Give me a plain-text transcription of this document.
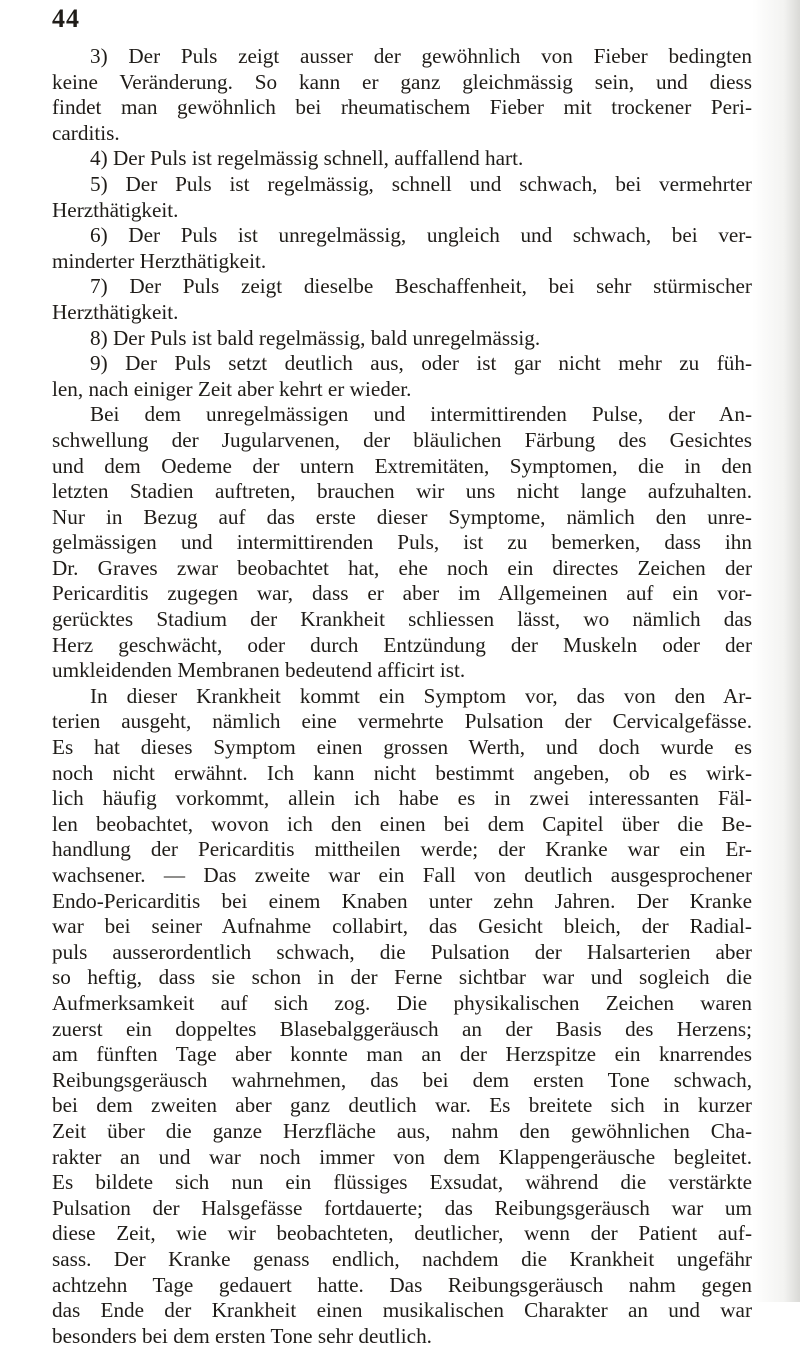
44

3) Der Puls zeigt ausser der gewöhnlich von Fieber bedingten
keine Veränderung. So kann er ganz gleichmässig sein, und diess
findet man gewöhnlich bei rheumatischem Fieber mit trockener Peri-
carditis.

4) Der Puls ist regelmässig schnell, auffallend hart.

5) Der Puls ist regelmässig, schnell und schwach, bei vermehrter
Herzthätigkeit.

6) Der Puls ist unregelmässig, ungleich und schwach, bei ver-
minderter Herzthätigkeit.

7) Der Puls zeigt dieselbe Beschaffenheit, bei sehr stürmischer
Herzthätigkeit.

8) Der Puls ist bald regelmässig, bald unregelmässig.

9) Der Puls setzt deutlich aus, oder ist gar nicht mehr zu füh-
len, nach einiger Zeit aber kehrt er wieder.

Bei dem unregelmässigen und intermittirenden Pulse, der An-
schwellung der Jugularvenen, der bläulichen Färbung des Gesichtes
und dem Oedeme der untern Extremitäten, Symptomen, die in den
letzten Stadien auftreten, brauchen wir uns nicht lange aufzuhalten.
Nur in Bezug auf das erste dieser Symptome, nämlich den unre-
gelmässigen und intermittirenden Puls, ist zu bemerken, dass ihn
Dr. Graves zwar beobachtet hat, ehe noch ein directes Zeichen der
Pericarditis zugegen war, dass er aber im Allgemeinen auf ein vor-
gerücktes Stadium der Krankheit schliessen lässt, wo nämlich das
Herz geschwächt, oder durch Entzündung der Muskeln oder der
umkleidenden Membranen bedeutend afficirt ist.

In dieser Krankheit kommt ein Symptom vor, das von den Ar-
terien ausgeht, nämlich eine vermehrte Pulsation der Cervicalgefässe.
Es hat dieses Symptom einen grossen Werth, und doch wurde es
noch nicht erwähnt. Ich kann nicht bestimmt angeben, ob es wirk-
lich häufig vorkommt, allein ich habe es in zwei interessanten Fäl-
len beobachtet, wovon ich den einen bei dem Capitel über die Be-
handlung der Pericarditis mittheilen werde; der Kranke war ein Er-
wachsener. — Das zweite war ein Fall von deutlich ausgesprochener
Endo-Pericarditis bei einem Knaben unter zehn Jahren. Der Kranke
war bei seiner Aufnahme collabirt, das Gesicht bleich, der Radial-
puls ausserordentlich schwach, die Pulsation der Halsarterien aber
so heftig, dass sie schon in der Ferne sichtbar war und sogleich die
Aufmerksamkeit auf sich zog. Die physikalischen Zeichen waren
zuerst ein doppeltes Blasebalggeräusch an der Basis des Herzens;
am fünften Tage aber konnte man an der Herzspitze ein knarrendes
Reibungsgeräusch wahrnehmen, das bei dem ersten Tone schwach,
bei dem zweiten aber ganz deutlich war. Es breitete sich in kurzer
Zeit über die ganze Herzfläche aus, nahm den gewöhnlichen Cha-
rakter an und war noch immer von dem Klappengeräusche begleitet.
Es bildete sich nun ein flüssiges Exsudat, während die verstärkte
Pulsation der Halsgefässe fortdauerte; das Reibungsgeräusch war um
diese Zeit, wie wir beobachteten, deutlicher, wenn der Patient auf-
sass. Der Kranke genass endlich, nachdem die Krankheit ungefähr
achtzehn Tage gedauert hatte. Das Reibungsgeräusch nahm gegen
das Ende der Krankheit einen musikalischen Charakter an und war
besonders bei dem ersten Tone sehr deutlich.
